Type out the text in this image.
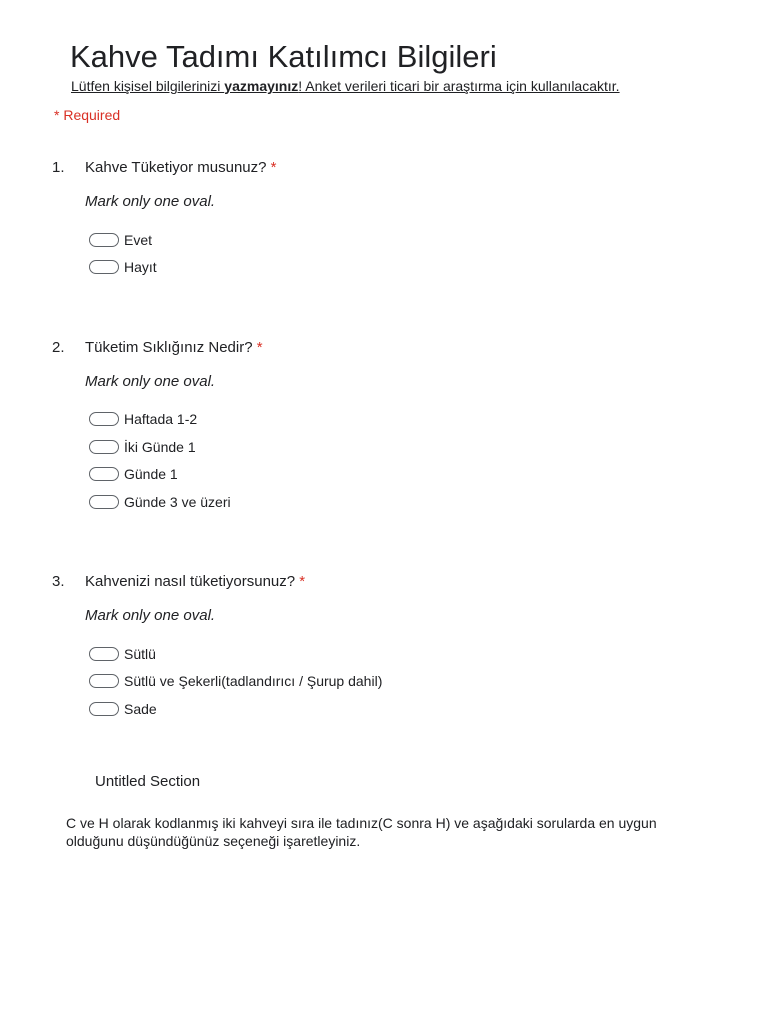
Kahve Tadımı Katılımcı Bilgileri
Lütfen kişisel bilgilerinizi yazmayınız! Anket verileri ticari bir araştırma için kullanılacaktır.
* Required
1. Kahve Tüketiyor musunuz? *
Mark only one oval.
Evet
Hayıt
2. Tüketim Sıklığınız Nedir? *
Mark only one oval.
Haftada 1-2
İki Günde 1
Günde 1
Günde 3 ve üzeri
3. Kahvenizi nasıl tüketiyorsunuz? *
Mark only one oval.
Sütlü
Sütlü ve Şekerli(tadlandırıcı / Şurup dahil)
Sade
Untitled Section
C ve H olarak kodlanmış iki kahveyi sıra ile tadınız(C sonra H) ve aşağıdaki sorularda en uygun olduğunu düşündüğünüz seçeneği işaretleyiniz.
